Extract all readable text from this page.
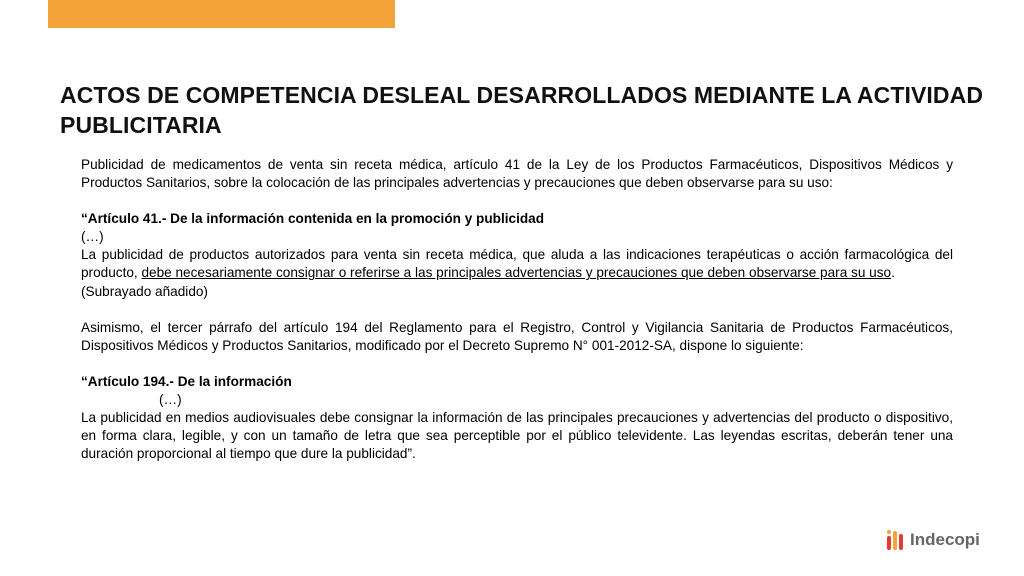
ACTOS DE COMPETENCIA DESLEAL DESARROLLADOS MEDIANTE LA ACTIVIDAD PUBLICITARIA

Publicidad de medicamentos de venta sin receta médica, artículo 41 de la Ley de los Productos Farmacéuticos, Dispositivos Médicos y Productos Sanitarios, sobre la colocación de las principales advertencias y precauciones que deben observarse para su uso:

“Artículo 41.- De la información contenida en la promoción y publicidad

(…)

La publicidad de productos autorizados para venta sin receta médica, que aluda a las indicaciones terapéuticas o acción farmacológica del producto, debe necesariamente consignar o referirse a las principales advertencias y precauciones que deben observarse para su uso.

(Subrayado añadido)

Asimismo, el tercer párrafo del artículo 194 del Reglamento para el Registro, Control y Vigilancia Sanitaria de Productos Farmacéuticos, Dispositivos Médicos y Productos Sanitarios, modificado por el Decreto Supremo N° 001-2012-SA, dispone lo siguiente:

“Artículo 194.- De la información

(…)

La publicidad en medios audiovisuales debe consignar la información de las principales precauciones y advertencias del producto o dispositivo, en forma clara, legible, y con un tamaño de letra que sea perceptible por el público televidente. Las leyendas escritas, deberán tener una duración proporcional al tiempo que dure la publicidad”.

Indecopi
